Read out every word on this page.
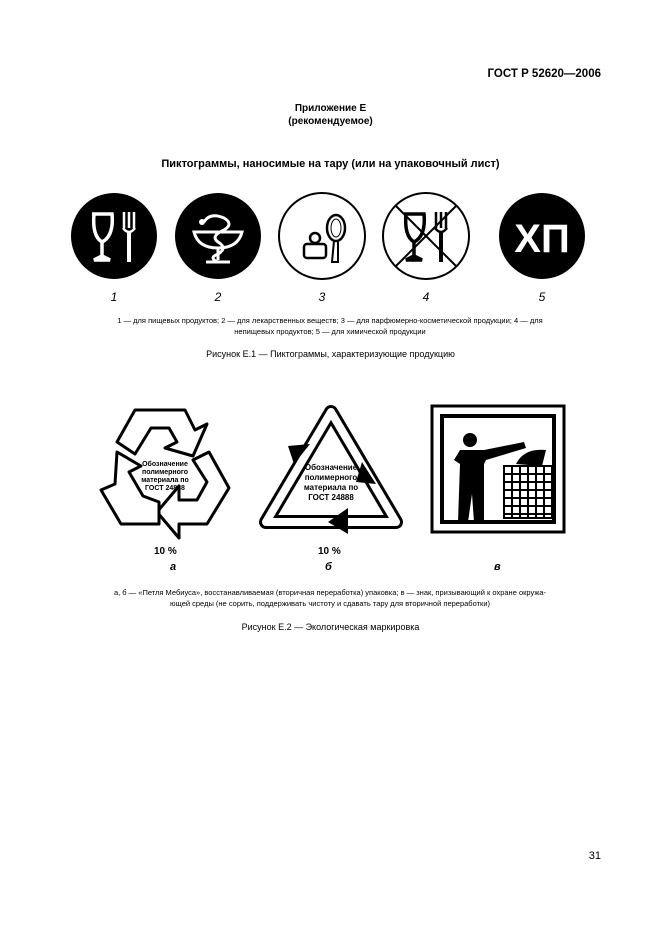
ГОСТ Р 52620—2006
Приложение Е
(рекомендуемое)
Пиктограммы, наносимые на тару (или на упаковочный лист)
ХП
1	2	3	4	5
1 — для пищевых продуктов; 2 — для лекарственных веществ; 3 — для парфюмерно-косметической продукции; 4 — для
непищевых продуктов; 5 — для химической продукции
Рисунок Е.1 — Пиктограммы, характеризующие продукцию
Обозначение
полимерного
материала по
ГОСТ 24888
Обозначение
полимерного
материала по
ГОСТ 24888
10 %	10 %
а	б	в
а, б — «Петля Мебиуса», восстанавливаемая (вторичная переработка) упаковка; в — знак, призывающий к охране окружа-
ющей среды (не сорить, поддерживать чистоту и сдавать тару для вторичной переработки)
Рисунок Е.2 — Экологическая маркировка
31
